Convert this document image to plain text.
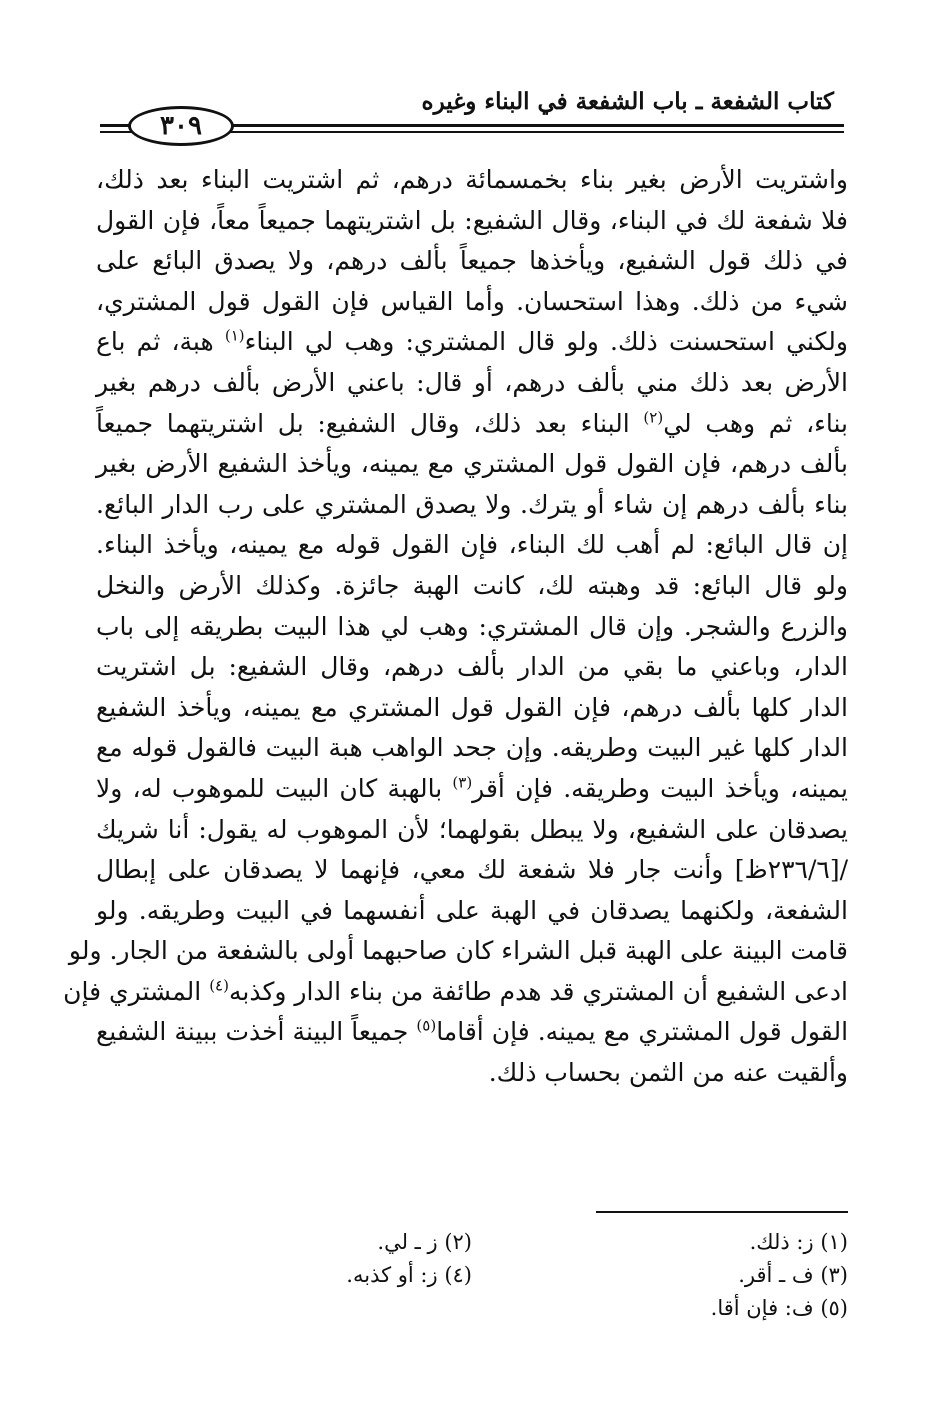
كتاب الشفعة ـ باب الشفعة في البناء وغيره
٣٠٩
واشتريت الأرض بغير بناء بخمسمائة درهم، ثم اشتريت البناء بعد ذلك،
فلا شفعة لك في البناء، وقال الشفيع: بل اشتريتهما جميعاً معاً، فإن القول
في ذلك قول الشفيع، ويأخذها جميعاً بألف درهم، ولا يصدق البائع على
شيء من ذلك. وهذا استحسان. وأما القياس فإن القول قول المشتري،
ولكني استحسنت ذلك. ولو قال المشتري: وهب لي البناء$^{(١)}$ هبة، ثم باع
الأرض بعد ذلك مني بألف درهم، أو قال: باعني الأرض بألف درهم بغير
بناء، ثم وهب لي$^{(٢)}$ البناء بعد ذلك، وقال الشفيع: بل اشتريتهما جميعاً
بألف درهم، فإن القول قول المشتري مع يمينه، ويأخذ الشفيع الأرض بغير
بناء بألف درهم إن شاء أو يترك. ولا يصدق المشتري على رب الدار البائع.
إن قال البائع: لم أهب لك البناء، فإن القول قوله مع يمينه، ويأخذ البناء.
ولو قال البائع: قد وهبته لك، كانت الهبة جائزة. وكذلك الأرض والنخل
والزرع والشجر. وإن قال المشتري: وهب لي هذا البيت بطريقه إلى باب
الدار، وباعني ما بقي من الدار بألف درهم، وقال الشفيع: بل اشتريت
الدار كلها بألف درهم، فإن القول قول المشتري مع يمينه، ويأخذ الشفيع
الدار كلها غير البيت وطريقه. وإن جحد الواهب هبة البيت فالقول قوله مع
يمينه، ويأخذ البيت وطريقه. فإن أقر$^{(٣)}$ بالهبة كان البيت للموهوب له، ولا
يصدقان على الشفيع، ولا يبطل بقولهما؛ لأن الموهوب له يقول: أنا شريك
/[٢٣٦/٦ظ] وأنت جار فلا شفعة لك معي، فإنهما لا يصدقان على إبطال
الشفعة، ولكنهما يصدقان في الهبة على أنفسهما في البيت وطريقه. ولو
قامت البينة على الهبة قبل الشراء كان صاحبهما أولى بالشفعة من الجار. ولو
ادعى الشفيع أن المشتري قد هدم طائفة من بناء الدار وكذبه$^{(٤)}$ المشتري فإن
القول قول المشتري مع يمينه. فإن أقاما$^{(٥)}$ جميعاً البينة أخذت ببينة الشفيع
وألقيت عنه من الثمن بحساب ذلك.
(١) ز: ذلك.
(٢) ز ـ لي.
(٣) ف ـ أقر.
(٤) ز: أو كذبه.
(٥) ف: فإن أقا.
